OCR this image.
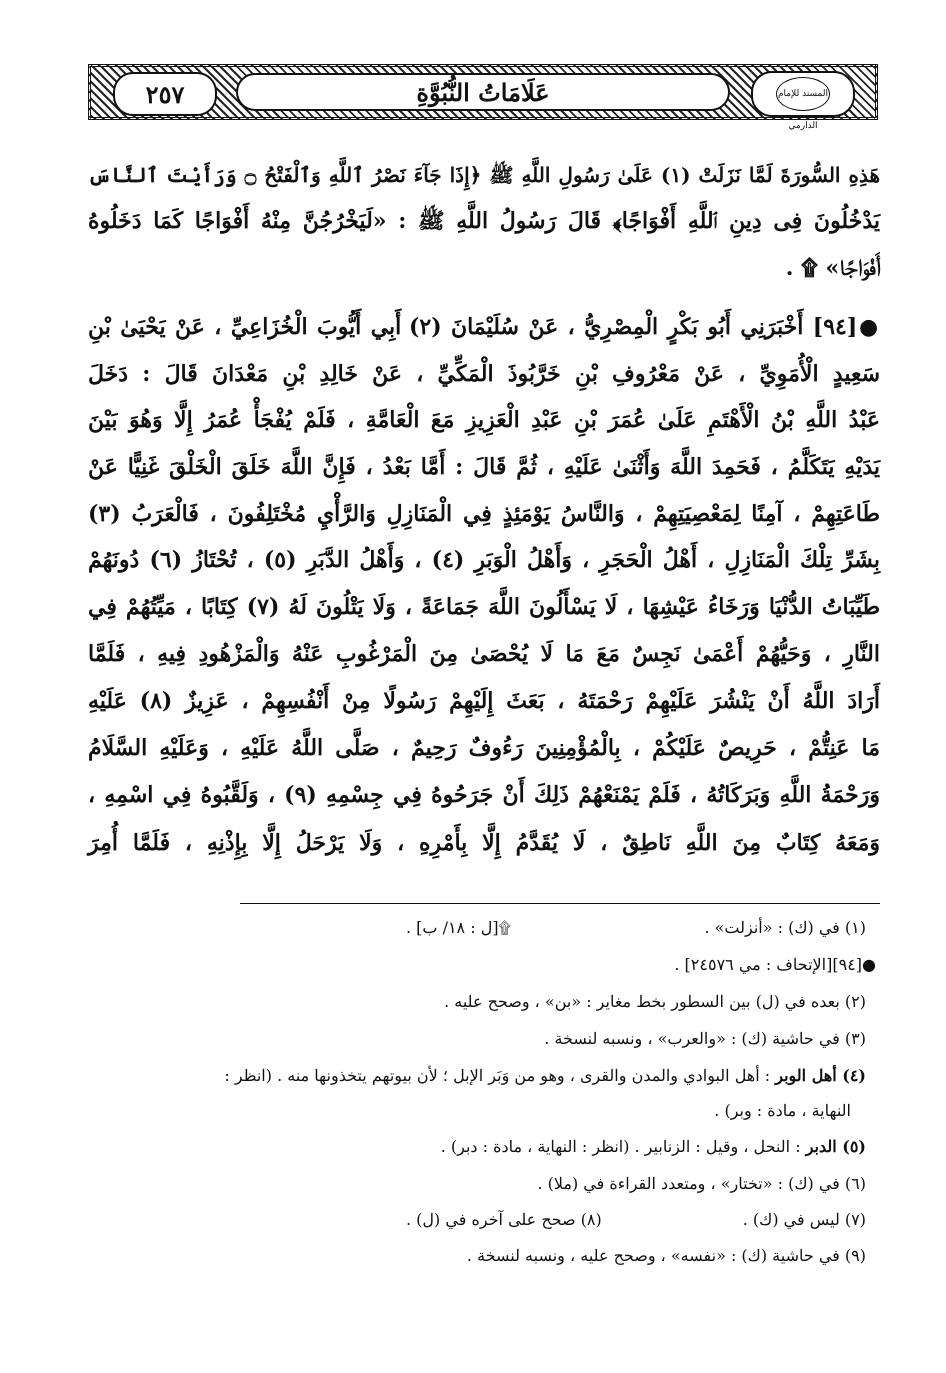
٢٥٧	عَلَامَاتُ النُّبُوَّةِ	المسند للإمام الدارمي
هَذِهِ السُّورَةَ لَمَّا نَزَلَتْ (١) عَلَىٰ رَسُولِ اللَّهِ ﷺ ﴿إِذَا جَآءَ نَصْرُ ٱللَّهِ وَٱلْفَتْحُ ۝ وَرَأَيْتَ ٱلنَّاسَ
يَدْخُلُونَ فِى دِينِ ٱللَّهِ أَفْوَاجًا﴾ قَالَ رَسُولُ اللَّهِ ﷺ : «لَيَخْرُجُنَّ مِنْهُ أَفْوَاجًا كَمَا دَخَلُوهُ
أَفْوَاجًا» ۩ .
●[٩٤] أَخْبَرَنِي أَبُو بَكْرٍ الْمِصْرِيُّ ، عَنْ سُلَيْمَانَ (٢) أَبِي أَيُّوبَ الْخُزَاعِيِّ ، عَنْ يَحْيَىٰ بْنِ
سَعِيدٍ الْأُمَوِيِّ ، عَنْ مَعْرُوفِ بْنِ خَرَّبُوذَ الْمَكِّيِّ ، عَنْ خَالِدِ بْنِ مَعْدَانَ قَالَ : دَخَلَ
عَبْدُ اللَّهِ بْنُ الْأَهْتَمِ عَلَىٰ عُمَرَ بْنِ عَبْدِ الْعَزِيزِ مَعَ الْعَامَّةِ ، فَلَمْ يُفْجَأْ عُمَرُ إِلَّا وَهُوَ بَيْنَ
يَدَيْهِ يَتَكَلَّمُ ، فَحَمِدَ اللَّهَ وَأَثْنَىٰ عَلَيْهِ ، ثُمَّ قَالَ : أَمَّا بَعْدُ ، فَإِنَّ اللَّهَ خَلَقَ الْخَلْقَ غَنِيًّا عَنْ
طَاعَتِهِمْ ، آمِنًا لِمَعْصِيَتِهِمْ ، وَالنَّاسُ يَوْمَئِذٍ فِي الْمَنَازِلِ وَالرَّأْيِ مُخْتَلِفُونَ ، فَالْعَرَبُ (٣)
بِشَرِّ تِلْكَ الْمَنَازِلِ ، أَهْلُ الْحَجَرِ ، وَأَهْلُ الْوَبَرِ (٤) ، وَأَهْلُ الدَّبَرِ (٥) ، تُحْتَازُ (٦) دُونَهُمْ
طَيِّبَاتُ الدُّنْيَا وَرَخَاءُ عَيْشِهَا ، لَا يَسْأَلُونَ اللَّهَ جَمَاعَةً ، وَلَا يَتْلُونَ لَهُ (٧) كِتَابًا ، مَيِّتُهُمْ فِي
النَّارِ ، وَحَيُّهُمْ أَعْمَىٰ نَجِسٌ مَعَ مَا لَا يُحْصَىٰ مِنَ الْمَرْغُوبِ عَنْهُ وَالْمَزْهُودِ فِيهِ ، فَلَمَّا
أَرَادَ اللَّهُ أَنْ يَنْشُرَ عَلَيْهِمْ رَحْمَتَهُ ، بَعَثَ إِلَيْهِمْ رَسُولًا مِنْ أَنْفُسِهِمْ ، عَزِيزٌ (٨) عَلَيْهِ
مَا عَنِتُّمْ ، حَرِيصٌ عَلَيْكُمْ ، بِالْمُؤْمِنِينَ رَءُوفٌ رَحِيمٌ ، صَلَّى اللَّهُ عَلَيْهِ ، وَعَلَيْهِ السَّلَامُ
وَرَحْمَةُ اللَّهِ وَبَرَكَاتُهُ ، فَلَمْ يَمْنَعْهُمْ ذَلِكَ أَنْ جَرَحُوهُ فِي جِسْمِهِ (٩) ، وَلَقَّبُوهُ فِي اسْمِهِ ،
وَمَعَهُ كِتَابٌ مِنَ اللَّهِ نَاطِقٌ ، لَا يُقَدَّمُ إِلَّا بِأَمْرِهِ ، وَلَا يَرْحَلُ إِلَّا بِإِذْنِهِ ، فَلَمَّا أُمِرَ
(١) في (ك) : «أنزلت» .
۩[ل : ١٨/ ب] .
●[٩٤][الإتحاف : مي ٢٤٥٧٦] .
(٢) بعده في (ل) بين السطور بخط مغاير : «بن» ، وصحح عليه .
(٣) في حاشية (ك) : «والعرب» ، ونسبه لنسخة .
(٤) أهل الوبر : أهل البوادي والمدن والقرى ، وهو من وَبَر الإبل ؛ لأن بيوتهم يتخذونها منه . (انظر :
النهاية ، مادة : وبر) .
(٥) الدبر : النحل ، وقيل : الزنابير . (انظر : النهاية ، مادة : دبر) .
(٦) في (ك) : «تختار» ، ومتعدد القراءة في (ملا) .
(٧) ليس في (ك) .
(٨) صحح على آخره في (ل) .
(٩) في حاشية (ك) : «نفسه» ، وصحح عليه ، ونسبه لنسخة .
